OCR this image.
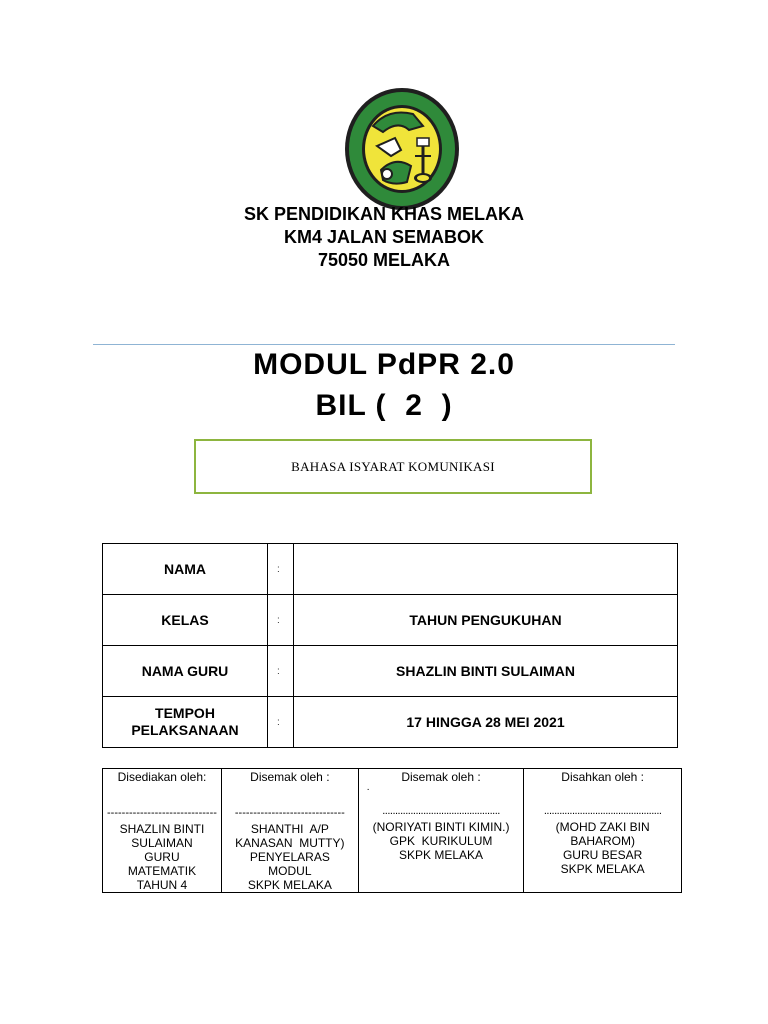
SK PENDIDIKAN KHAS MELAKA
KM4 JALAN SEMABOK
75050 MELAKA
MODUL PdPR 2.0
BIL (  2  )
BAHASA ISYARAT KOMUNIKASI
NAMA	:	
KELAS	:	TAHUN PENGUKUHAN
NAMA GURU	:	SHAZLIN BINTI SULAIMAN
TEMPOH
PELAKSANAAN	:	17 HINGGA 28 MEI 2021
Disediakan oleh:
------------------------------
SHAZLIN BINTI
SULAIMAN
GURU
MATEMATIK
TAHUN 4

Disemak oleh :
------------------------------
SHANTHI  A/P
KANASAN  MUTTY)
PENYELARAS
MODUL
SKPK MELAKA

Disemak oleh :
.
..............................................
(NORIYATI BINTI KIMIN.)
GPK  KURIKULUM
SKPK MELAKA

Disahkan oleh :
..............................................
(MOHD ZAKI BIN
BAHAROM)
GURU BESAR
SKPK MELAKA
